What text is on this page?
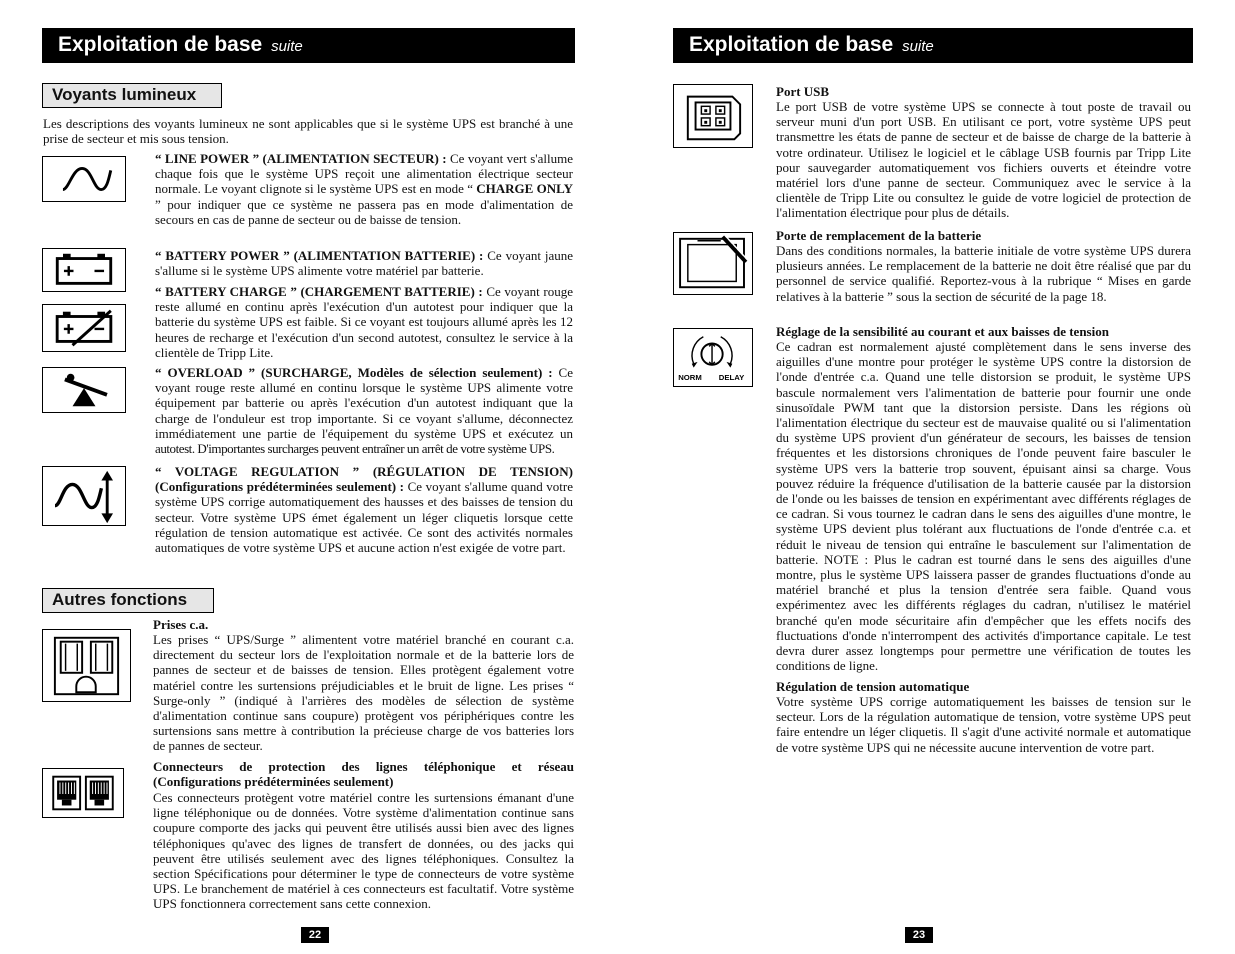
Exploitation de base suite
Voyants lumineux

Les descriptions des voyants lumineux ne sont applicables que si le système UPS est branché à une prise de secteur et mis sous tension.

“ LINE POWER ” (ALIMENTATION SECTEUR) : Ce voyant vert s'allume chaque fois que le système UPS reçoit une alimentation électrique secteur normale. Le voyant clignote si le système UPS est en mode “ CHARGE ONLY ” pour indiquer que ce système ne passera pas en mode d'alimentation de secours en cas de panne de secteur ou de baisse de tension.

“ BATTERY POWER ” (ALIMENTATION BATTERIE) : Ce voyant jaune s'allume si le système UPS alimente votre matériel par batterie.

“ BATTERY CHARGE ” (CHARGEMENT BATTERIE) : Ce voyant rouge reste allumé en continu après l'exécution d'un autotest pour indiquer que la batterie du système UPS est faible. Si ce voyant est toujours allumé après les 12 heures de recharge et l'exécution d'un second autotest, consultez le service à la clientèle de Tripp Lite.

“ OVERLOAD ” (SURCHARGE, Modèles de sélection seulement) : Ce voyant rouge reste allumé en continu lorsque le système UPS alimente votre équipement par batterie ou après l'exécution d'un autotest indiquant que la charge de l'onduleur est trop importante. Si ce voyant s'allume, déconnectez immédiatement une partie de l'équipement du système UPS et exécutez un autotest. D'importantes surcharges peuvent entraîner un arrêt de votre système UPS.

“ VOLTAGE REGULATION ” (RÉGULATION DE TENSION) (Configurations prédéterminées seulement) : Ce voyant s'allume quand votre système UPS corrige automatiquement des hausses et des baisses de tension du secteur. Votre système UPS émet également un léger cliquetis lorsque cette régulation de tension automatique est activée. Ce sont des activités normales automatiques de votre système UPS et aucune action n'est exigée de votre part.

Autres fonctions

Prises c.a.

Les prises “ UPS/Surge ” alimentent votre matériel branché en courant c.a. directement du secteur lors de l'exploitation normale et de la batterie lors de pannes de secteur et de baisses de tension. Elles protègent également votre matériel contre les surtensions préjudiciables et le bruit de ligne. Les prises “ Surge-only ” (indiqué à l'arrières des modèles de sélection de système d'alimentation continue sans coupure) protègent vos périphériques contre les surtensions sans mettre à contribution la précieuse charge de vos batteries lors de pannes de secteur.

Connecteurs de protection des lignes téléphonique et réseau (Configurations prédéterminées seulement)

Ces connecteurs protègent votre matériel contre les surtensions émanant d'une ligne téléphonique ou de données. Votre système d'alimentation continue sans coupure comporte des jacks qui peuvent être utilisés aussi bien avec des lignes téléphoniques qu'avec des lignes de transfert de données, ou des jacks qui peuvent être utilisés seulement avec des lignes téléphoniques. Consultez la section Spécifications pour déterminer le type de connecteurs de votre système UPS. Le branchement de matériel à ces connecteurs est facultatif. Votre système UPS fonctionnera correctement sans cette connexion.

22
Exploitation de base suite

Port USB

Le port USB de votre système UPS se connecte à tout poste de travail ou serveur muni d'un port USB. En utilisant ce port, votre système UPS peut transmettre les états de panne de secteur et de baisse de charge de la batterie à votre ordinateur. Utilisez le logiciel et le câblage USB fournis par Tripp Lite pour sauvegarder automatiquement vos fichiers ouverts et éteindre votre matériel lors d'une panne de secteur. Communiquez avec le service à la clientèle de Tripp Lite ou consultez le guide de votre logiciel de protection de l'alimentation électrique pour plus de détails.

Porte de remplacement de la batterie

Dans des conditions normales, la batterie initiale de votre système UPS durera plusieurs années. Le remplacement de la batterie ne doit être réalisé que par du personnel de service qualifié. Reportez-vous à la rubrique “ Mises en garde relatives à la batterie ” sous la section de sécurité de la page 18.

NORM DELAY

Réglage de la sensibilité au courant et aux baisses de tension

Ce cadran est normalement ajusté complètement dans le sens inverse des aiguilles d'une montre pour protéger le système UPS contre la distorsion de l'onde d'entrée c.a. Quand une telle distorsion se produit, le système UPS bascule normalement vers l'alimentation de batterie pour fournir une onde sinusoïdale PWM tant que la distorsion persiste. Dans les régions où l'alimentation électrique du secteur est de mauvaise qualité ou si l'alimentation du système UPS provient d'un générateur de secours, les baisses de tension fréquentes et les distorsions chroniques de l'onde peuvent faire basculer le système UPS vers la batterie trop souvent, épuisant ainsi sa charge. Vous pouvez réduire la fréquence d'utilisation de la batterie causée par la distorsion de l'onde ou les baisses de tension en expérimentant avec différents réglages de ce cadran. Si vous tournez le cadran dans le sens des aiguilles d'une montre, le système UPS devient plus tolérant aux fluctuations de l'onde d'entrée c.a. et réduit le niveau de tension qui entraîne le basculement sur l'alimentation de batterie. NOTE : Plus le cadran est tourné dans le sens des aiguilles d'une montre, plus le système UPS laissera passer de grandes fluctuations d'onde au matériel branché et plus la tension d'entrée sera faible. Quand vous expérimentez avec les différents réglages du cadran, n'utilisez le matériel branché qu'en mode sécuritaire afin d'empêcher que les effets nocifs des fluctuations d'onde n'interrompent des activités d'importance capitale. Le test devra durer assez longtemps pour permettre une vérification de toutes les conditions de ligne.

Régulation de tension automatique

Votre système UPS corrige automatiquement les baisses de tension sur le secteur. Lors de la régulation automatique de tension, votre système UPS peut faire entendre un léger cliquetis. Il s'agit d'une activité normale et automatique de votre système UPS qui ne nécessite aucune intervention de votre part.

23
